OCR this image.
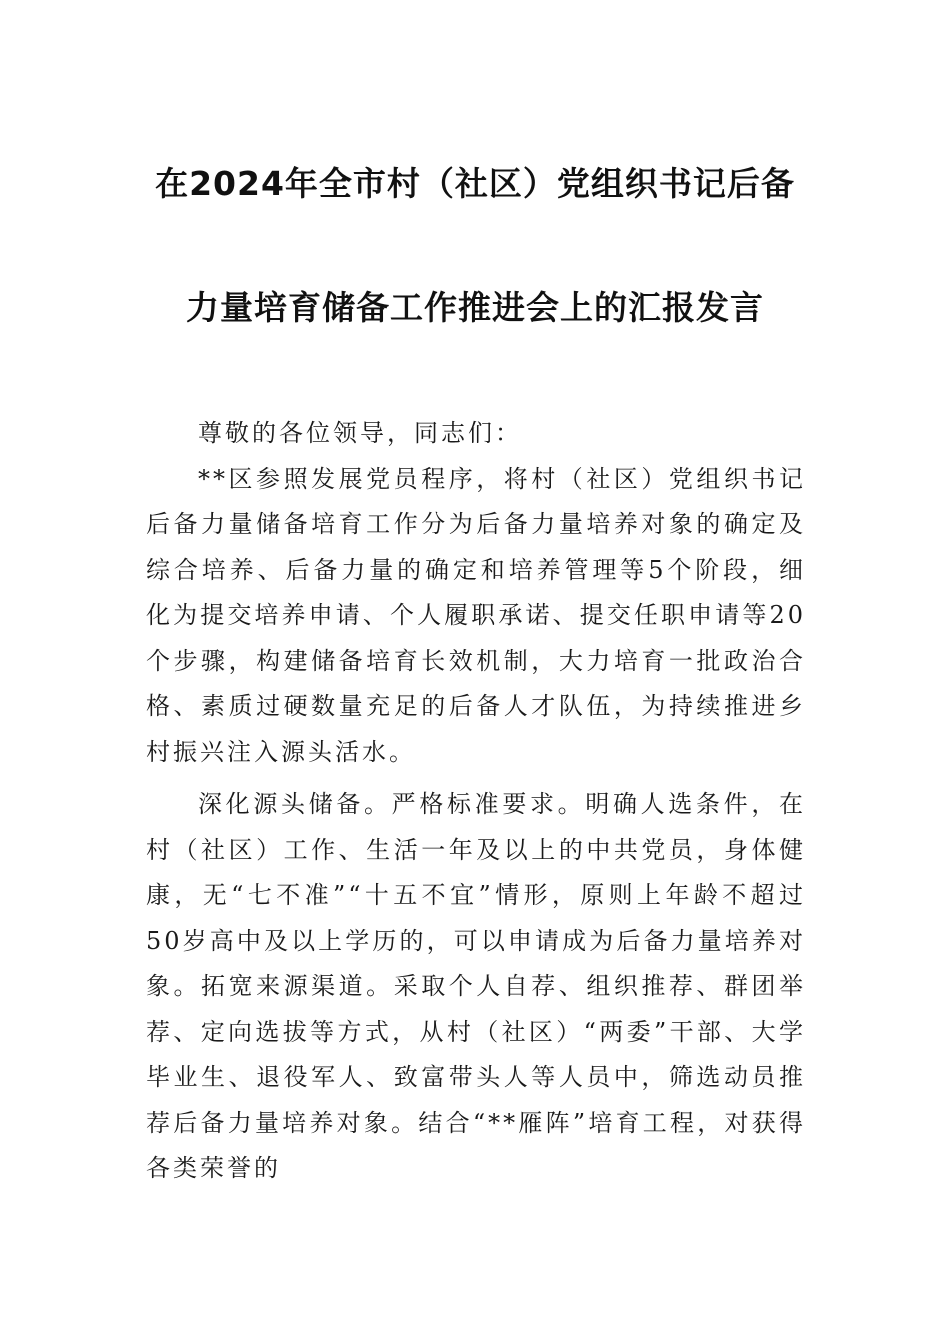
在2024年全市村（社区）党组织书记后备
力量培育储备工作推进会上的汇报发言

尊敬的各位领导，同志们：

**区参照发展党员程序，将村（社区）党组织书记后备力量储备培育工作分为后备力量培养对象的确定及综合培养、后备力量的确定和培养管理等5个阶段，细化为提交培养申请、个人履职承诺、提交任职申请等20个步骤，构建储备培育长效机制，大力培育一批政治合格、素质过硬数量充足的后备人才队伍，为持续推进乡村振兴注入源头活水。

深化源头储备。严格标准要求。明确人选条件，在村（社区）工作、生活一年及以上的中共党员，身体健康，无“七不准”“十五不宜”情形，原则上年龄不超过50岁高中及以上学历的，可以申请成为后备力量培养对象。拓宽来源渠道。采取个人自荐、组织推荐、群团举荐、定向选拔等方式，从村（社区）“两委”干部、大学毕业生、退役军人、致富带头人等人员中，筛选动员推荐后备力量培养对象。结合“**雁阵”培育工程，对获得各类荣誉的
